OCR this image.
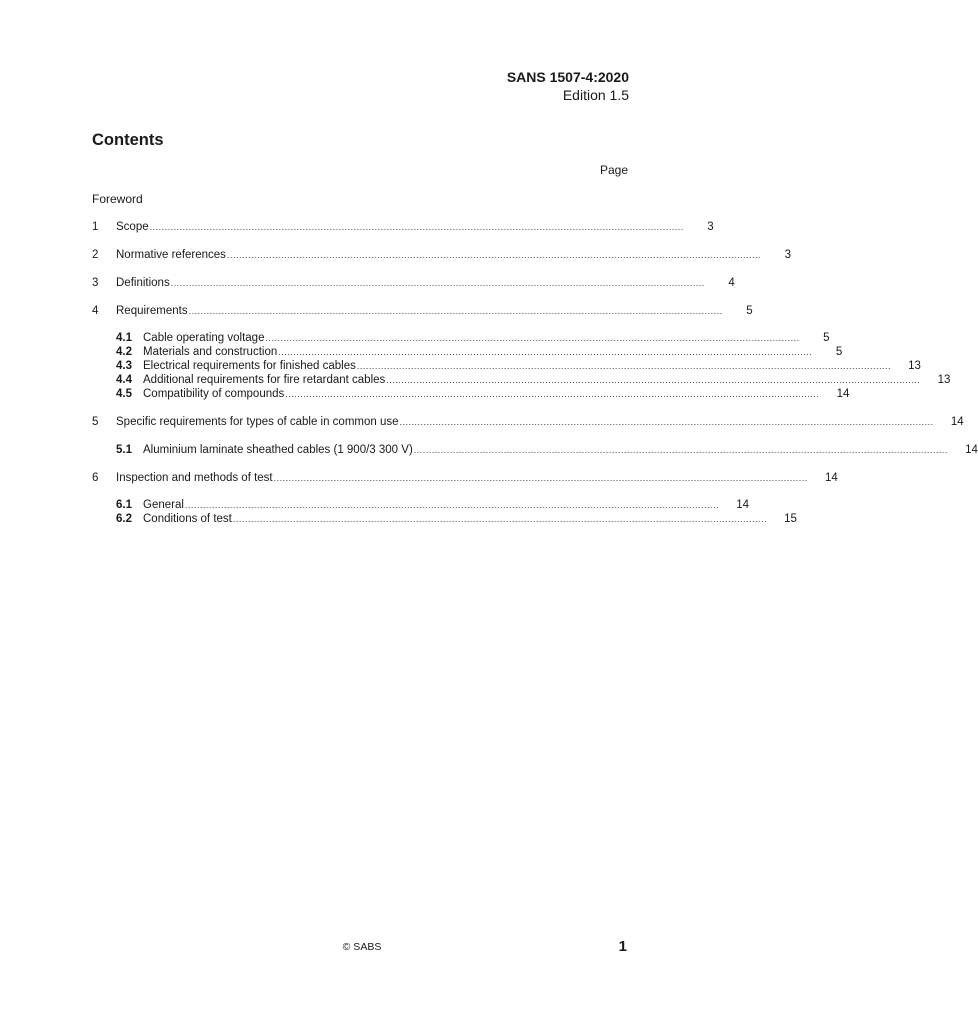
SANS 1507-4:2020
Edition 1.5
Contents
Page
Foreword
1	Scope ..................................................................................................................................................................................	3
2	Normative references ..................................................................................................................................................................................	3
3	Definitions ..................................................................................................................................................................................	4
4	Requirements ..................................................................................................................................................................................	5
4.1 Cable operating voltage ..................................................................................................................................................................................	5
4.2 Materials and construction ..................................................................................................................................................................................	5
4.3 Electrical requirements for finished cables ..................................................................................................................................................................................	13
4.4 Additional requirements for fire retardant cables ..................................................................................................................................................................................	13
4.5 Compatibility of compounds ..................................................................................................................................................................................	14
5	Specific requirements for types of cable in common use ..................................................................................................................................................................................	14
5.1 Aluminium laminate sheathed cables (1 900/3 300 V) ..................................................................................................................................................................................	14
6	Inspection and methods of test ..................................................................................................................................................................................	14
6.1 General ..................................................................................................................................................................................	14
6.2 Conditions of test ..................................................................................................................................................................................	15
© SABS	1
